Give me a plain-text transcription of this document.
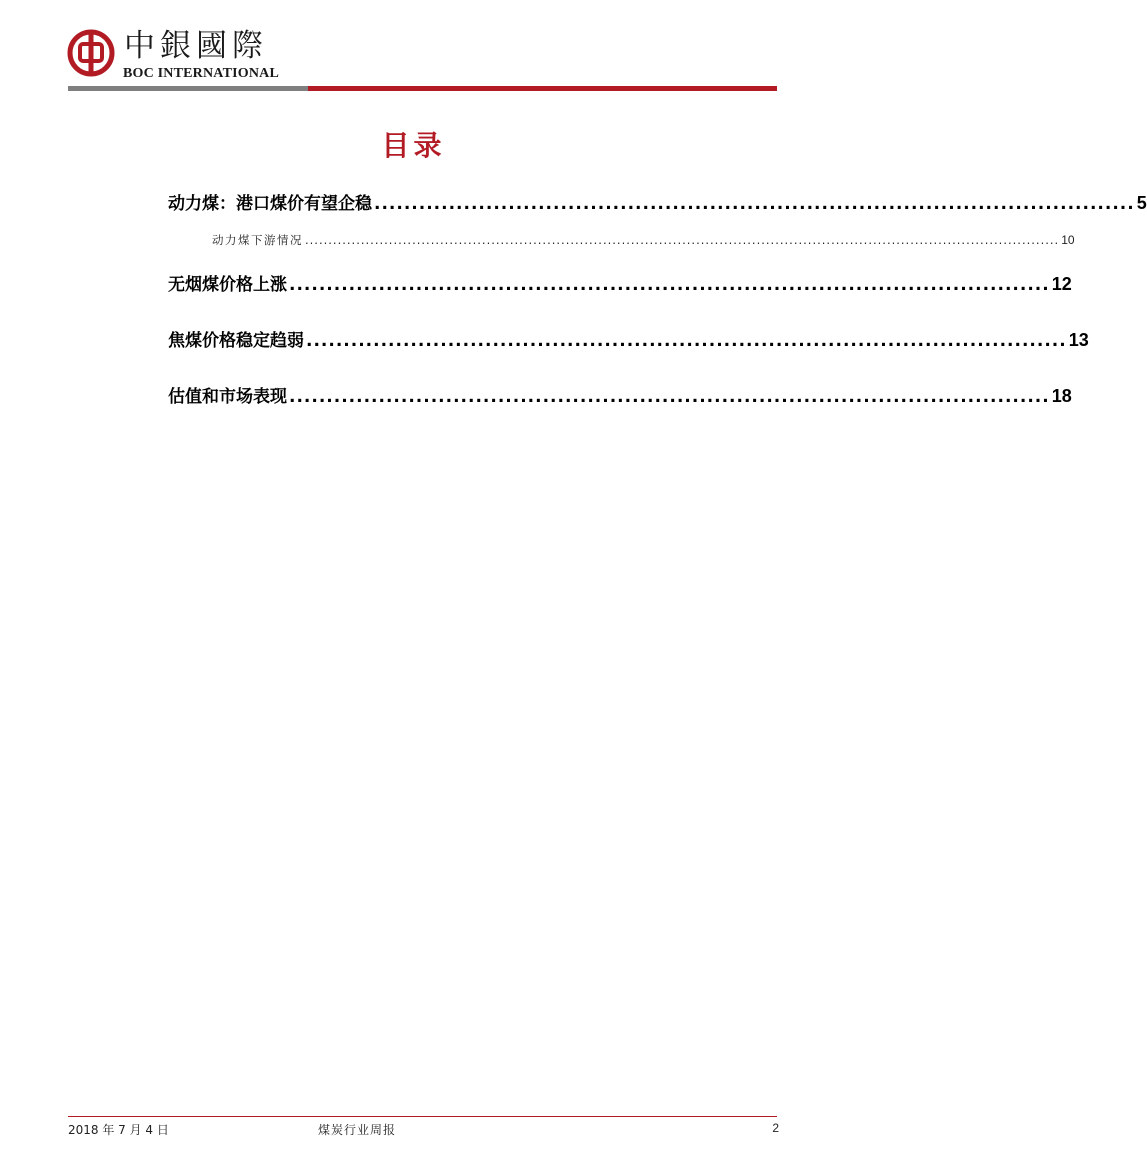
中銀國際
BOC INTERNATIONAL
目录
动力煤：港口煤价有望企稳 ...................................................................................................... 5
动力煤下游情况 .................................................................................................................................................................. 10
无烟煤价格上涨 ...................................................................................................... 12
焦煤价格稳定趋弱 ...................................................................................................... 13
估值和市场表现 ...................................................................................................... 18
2018 年 7 月 4 日	煤炭行业周报	2
